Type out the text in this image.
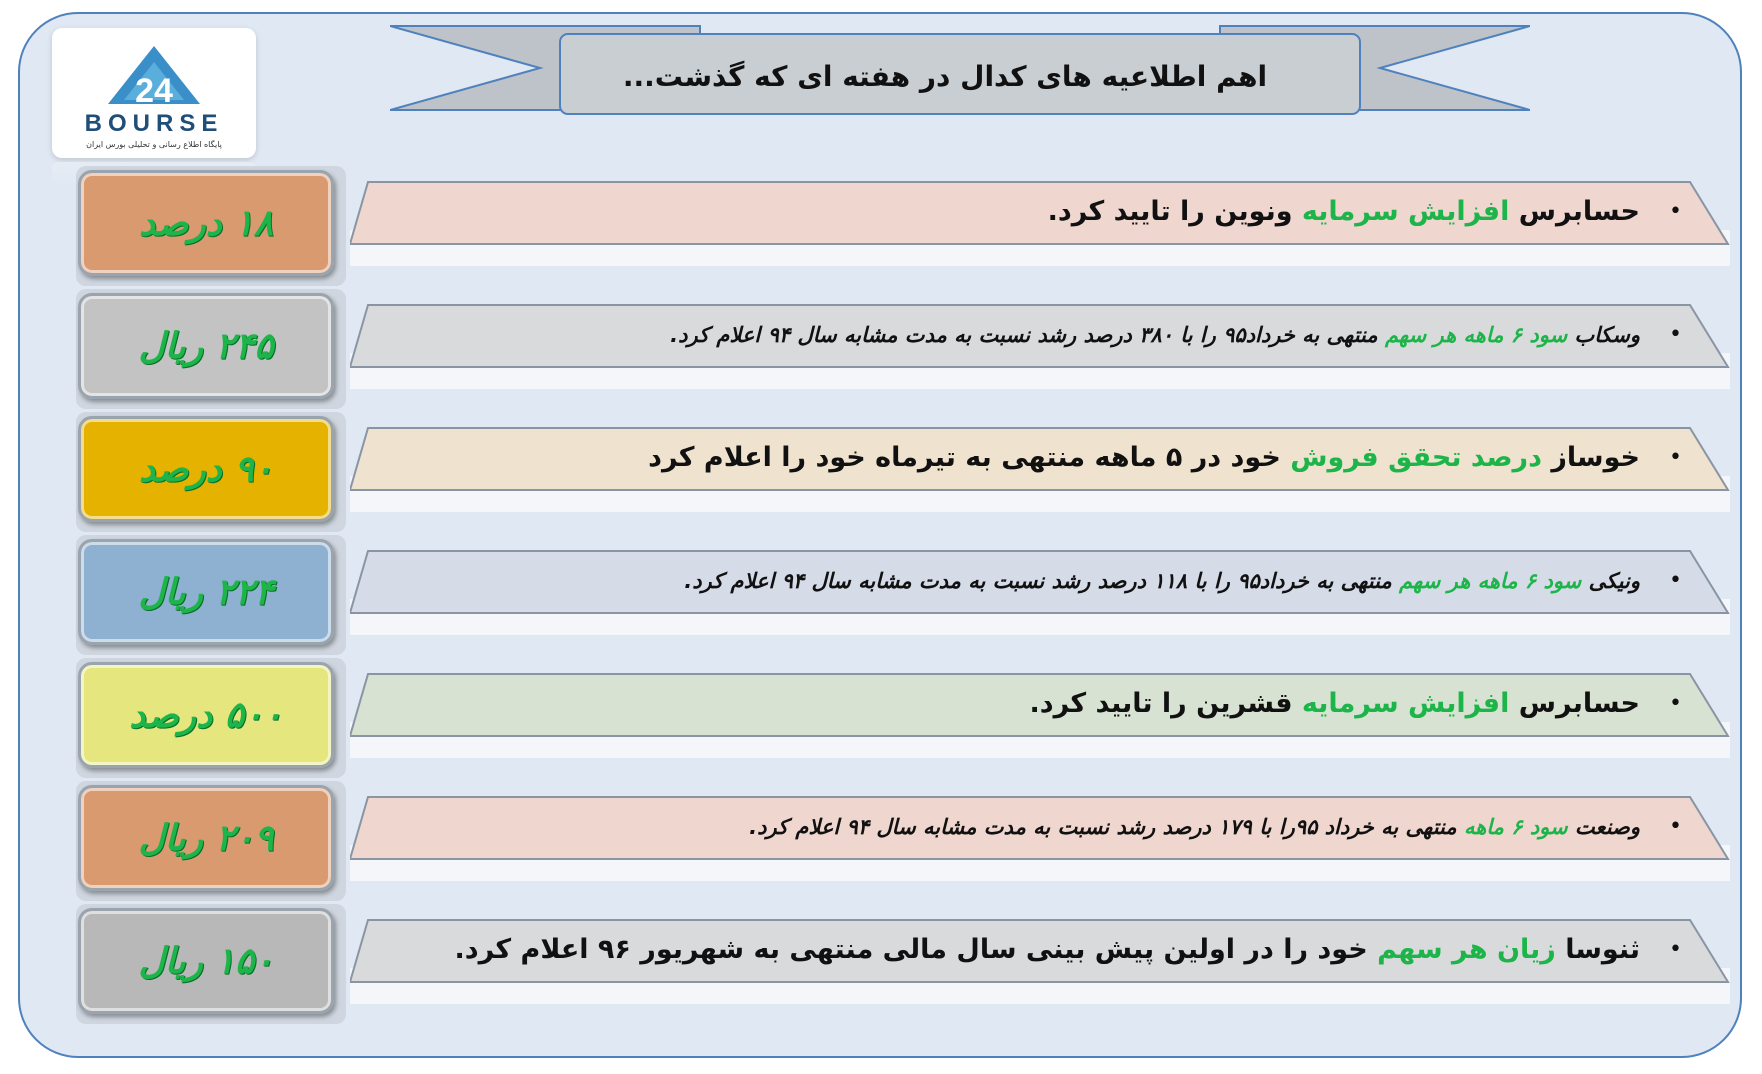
24
BOURSE
پایگاه اطلاع رسانی و تحلیلی بورس ایران
اهم اطلاعیه های کدال در هفته ای که گذشت...
۱۸ درصد	•
حسابرس افزایش سرمایه ونوین را تایید کرد.
۲۴۵ ریال	•
وسکاب سود ۶ ماهه هر سهم منتهی به خرداد۹۵ را با ۳۸۰ درصد رشد نسبت به مدت مشابه سال ۹۴ اعلام کرد.
۹۰ درصد	•
خوساز درصد تحقق فروش خود در ۵ ماهه منتهی به تیرماه خود را اعلام کرد
۲۲۴ ریال	•
ونیکی سود ۶ ماهه هر سهم منتهی به خرداد۹۵ را با ۱۱۸ درصد رشد نسبت به مدت مشابه سال ۹۴ اعلام کرد.
۵۰۰ درصد	•
حسابرس افزایش سرمایه قشرین را تایید کرد.
۲۰۹ ریال	•
وصنعت سود ۶ ماهه منتهی به خرداد ۹۵را با ۱۷۹ درصد رشد نسبت به مدت مشابه سال ۹۴ اعلام کرد.
۱۵۰ ریال	•
ثنوسا زیان هر سهم خود را در اولین پیش بینی سال مالی منتهی به شهریور ۹۶ اعلام کرد.
